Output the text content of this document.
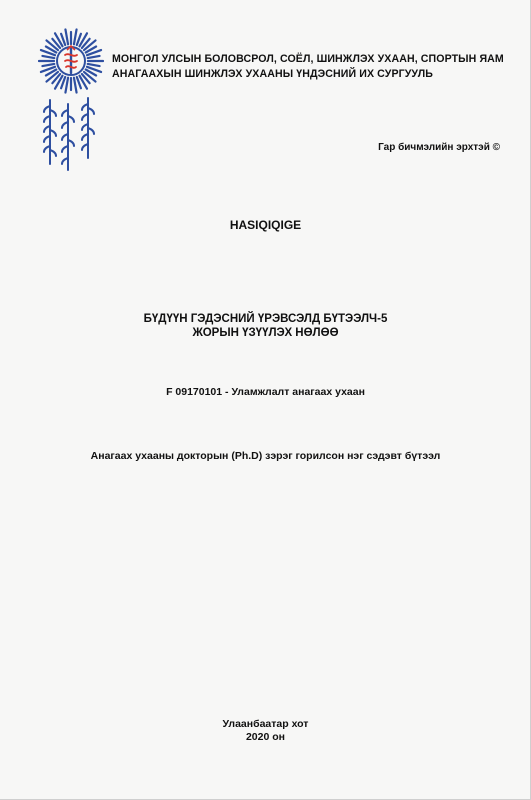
МОНГОЛ УЛСЫН БОЛОВСРОЛ, СОЁЛ, ШИНЖЛЭХ УХААН, СПОРТЫН ЯАМ
АНАГААХЫН ШИНЖЛЭХ УХААНЫ ҮНДЭСНИЙ ИХ СУРГУУЛЬ
Гар бичмэлийн эрхтэй ©
HASIQIQIGE
БҮДҮҮН ГЭДЭСНИЙ ҮРЭВСЭЛД БҮТЭЭЛЧ-5
ЖОРЫН ҮЗҮҮЛЭХ НӨЛӨӨ
F 09170101 - Уламжлалт анагаах ухаан
Анагаах ухааны докторын (Ph.D) зэрэг горилсон нэг сэдэвт бүтээл
Улаанбаатар хот
2020 он
